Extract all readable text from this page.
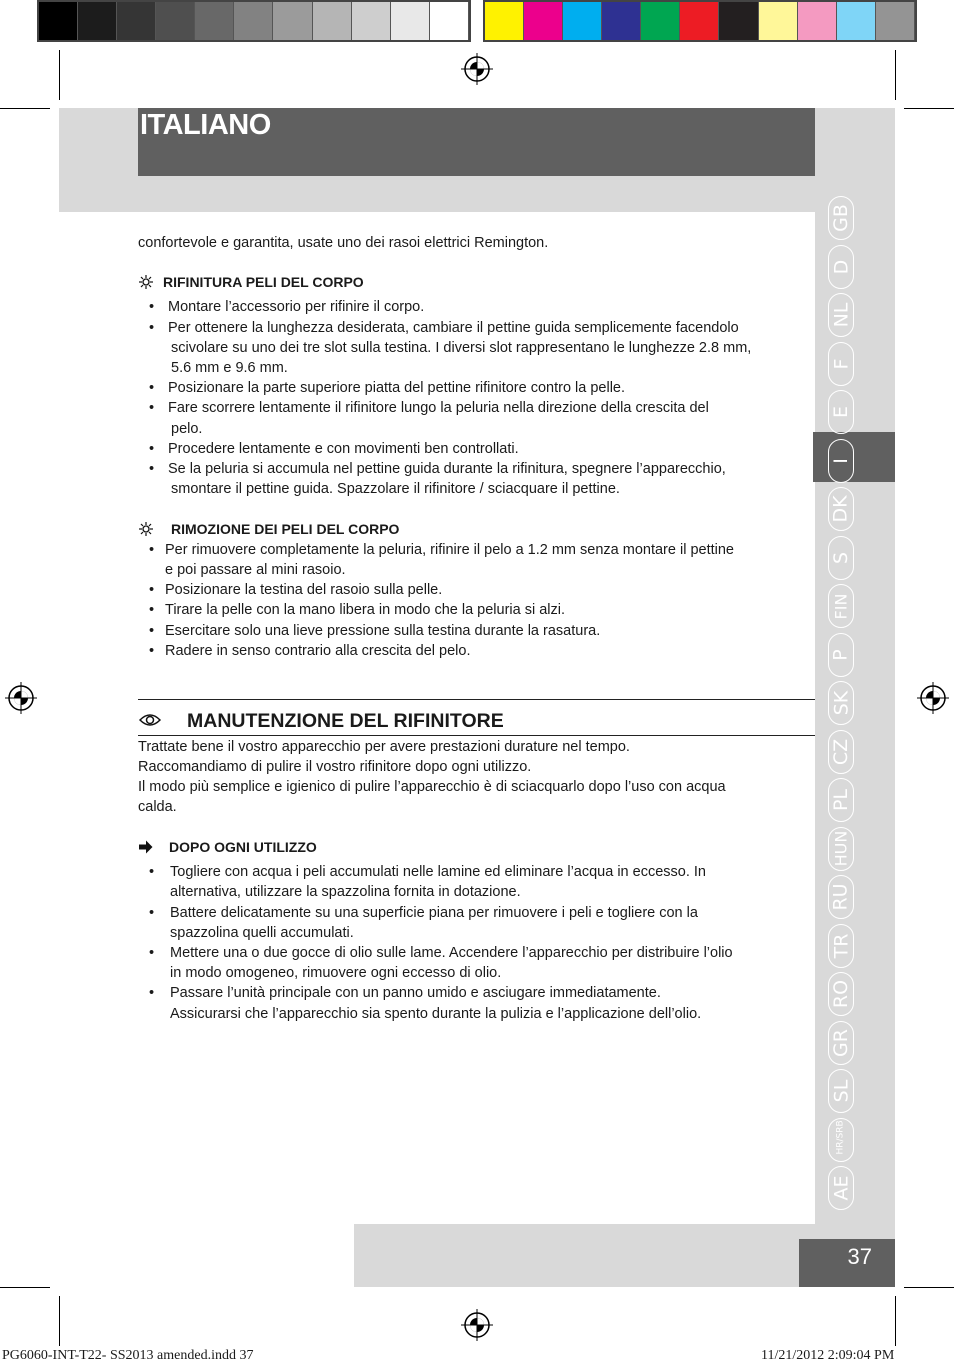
ITALIANO
GB
D
NL
F
E
I
DK
S
FIN
P
SK
CZ
PL
HUN
RU
TR
RO
GR
SL
HR/SRB
AE
confortevole e garantita, usate uno dei rasoi elettrici Remington.
RIFINITURA PELI DEL CORPO
• Montare l’accessorio per rifinire il corpo.
• Per ottenere la lunghezza desiderata, cambiare il pettine guida semplicemente facendolo
scivolare su uno dei tre slot sulla testina. I diversi slot rappresentano le lunghezze 2.8 mm,
5.6 mm e 9.6 mm.
• Posizionare la parte superiore piatta del pettine rifinitore contro la pelle.
• Fare scorrere lentamente il rifinitore lungo la peluria nella direzione della crescita del
pelo.
• Procedere lentamente e con movimenti ben controllati.
• Se la peluria si accumula nel pettine guida durante la rifinitura, spegnere l’apparecchio,
smontare il pettine guida. Spazzolare il rifinitore / sciacquare il pettine.
RIMOZIONE DEI PELI DEL CORPO
• Per rimuovere completamente la peluria, rifinire il pelo a 1.2 mm senza montare il pettine
e poi passare al mini rasoio.
• Posizionare la testina del rasoio sulla pelle.
• Tirare la pelle con la mano libera in modo che la peluria si alzi.
• Esercitare solo una lieve pressione sulla testina durante la rasatura.
• Radere in senso contrario alla crescita del pelo.
MANUTENZIONE DEL RIFINITORE
Trattate bene il vostro apparecchio per avere prestazioni durature nel tempo.
Raccomandiamo di pulire il vostro rifinitore dopo ogni utilizzo.
Il modo più semplice e igienico di pulire l’apparecchio è di sciacquarlo dopo l’uso con acqua
calda.
DOPO OGNI UTILIZZO
• Togliere con acqua i peli accumulati nelle lamine ed eliminare l’acqua in eccesso. In
alternativa, utilizzare la spazzolina fornita in dotazione.
• Battere delicatamente su una superficie piana per rimuovere i peli e togliere con la
spazzolina quelli accumulati.
• Mettere una o due gocce di olio sulle lame. Accendere l’apparecchio per distribuire l’olio
in modo omogeneo, rimuovere ogni eccesso di olio.
• Passare l’unità principale con un panno umido e asciugare immediatamente.
Assicurarsi che l’apparecchio sia spento durante la pulizia e l’applicazione dell’olio.
37
PG6060-INT-T22- SS2013 amended.indd 37	11/21/2012 2:09:04 PM
